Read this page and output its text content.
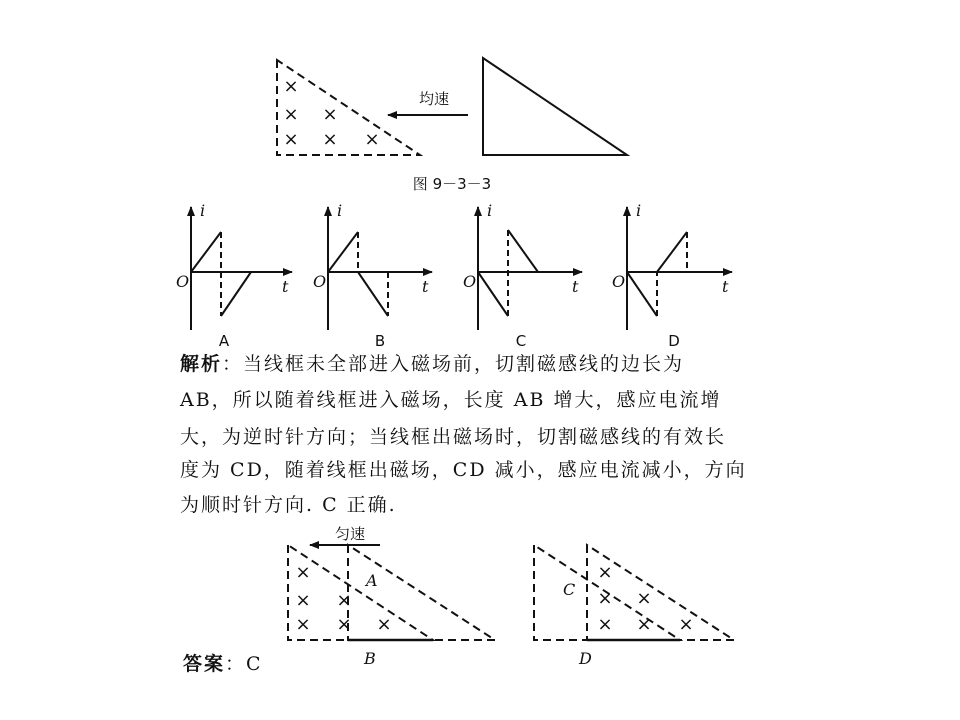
×
× ×
× × ×
均速
图 9－3－3
i
t
O
A
i
t
O
B
i
t
O
C
i
t
O
D
匀速
×
× ×
× × ×
A
B
×
× ×
× × ×
C
D
解析：当线框未全部进入磁场前，切割磁感线的边长为
AB，所以随着线框进入磁场，长度 AB 增大，感应电流增
大，为逆时针方向；当线框出磁场时，切割磁感线的有效长
度为 CD，随着线框出磁场，CD 减小，感应电流减小，方向
为顺时针方向. C 正确.
答案：C
